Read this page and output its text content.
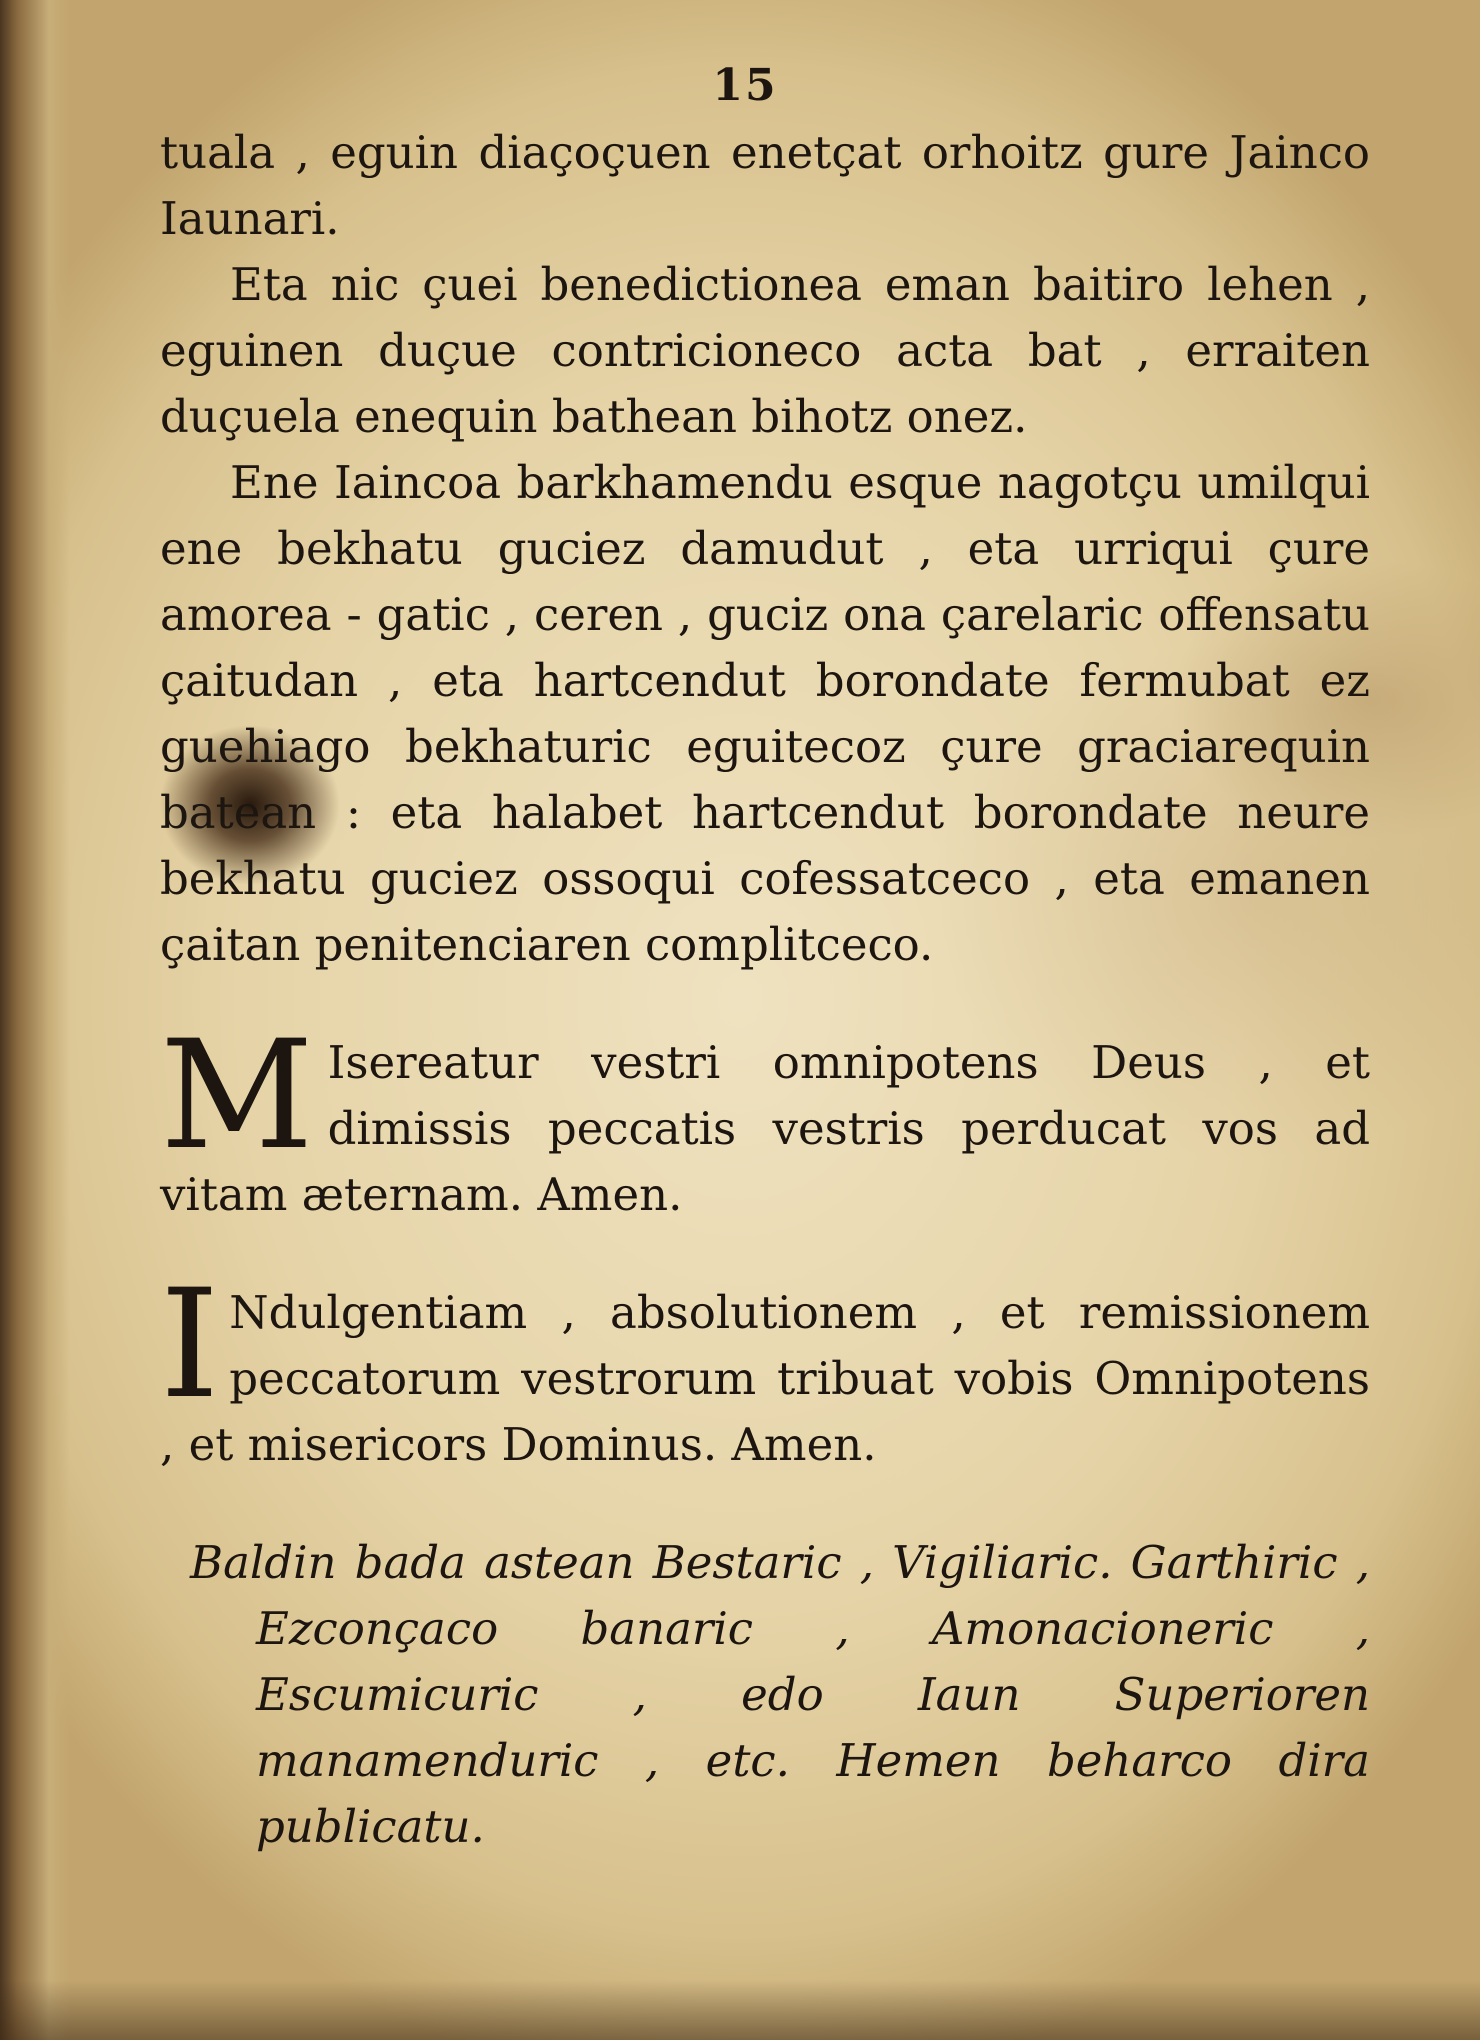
15

tuala , eguin diaçoçuen enetçat orhoitz gure Jainco Iaunari.

Eta nic çuei benedictionea eman baitiro lehen , eguinen duçue contricioneco acta bat , erraiten duçuela enequin bathean bihotz onez.

Ene Iaincoa barkhamendu esque nagotçu umilqui ene bekhatu guciez damudut , eta urriqui çure amorea - gatic , ceren , guciz ona çarelaric offensatu çaitudan , eta hartcendut borondate fermubat ez guehiago bekhaturic eguitecoz çure graciarequin batean : eta halabet hartcendut borondate neure bekhatu guciez ossoqui cofessatceco , eta emanen çaitan penitenciaren complitceco.

M Isereatur vestri omnipotens Deus , et dimissis peccatis vestris perducat vos ad vitam æternam. Amen.

I Ndulgentiam , absolutionem , et remissionem peccatorum vestrorum tribuat vobis Omnipotens , et misericors Dominus. Amen.

Baldin bada astean Bestaric , Vigiliaric. Garthiric , Ezconçaco banaric , Amonacioneric , Escumicuric , edo Iaun Superioren manamenduric , etc. Hemen beharco dira publicatu.
